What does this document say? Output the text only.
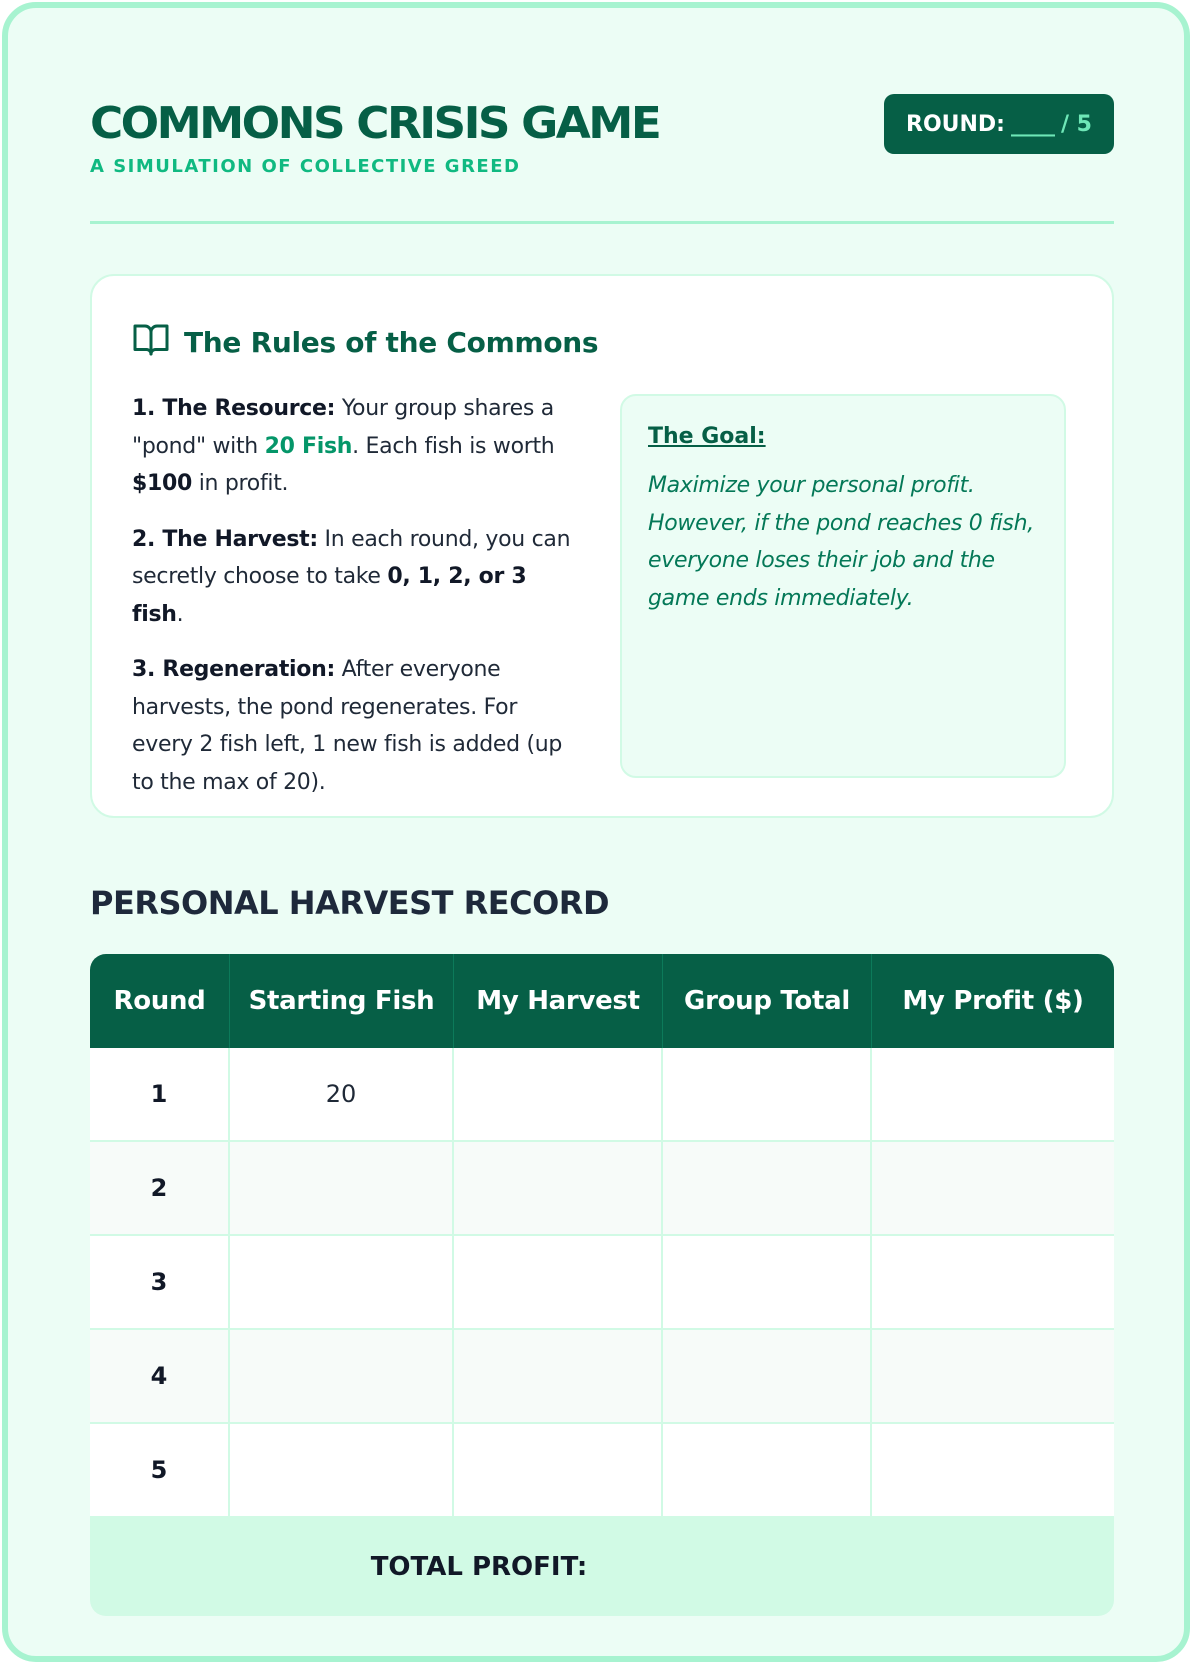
COMMONS CRISIS GAME
A SIMULATION OF COLLECTIVE GREED
ROUND: ____ / 5
The Rules of the Commons

1. The Resource: Your group shares a "pond" with 20 Fish. Each fish is worth $100 in profit.

2. The Harvest: In each round, you can secretly choose to take 0, 1, 2, or 3 fish.

3. Regeneration: After everyone harvests, the pond regenerates. For every 2 fish left, 1 new fish is added (up to the max of 20).

The Goal:

Maximize your personal profit. However, if the pond reaches 0 fish, everyone loses their job and the game ends immediately.

PERSONAL HARVEST RECORD
Round	Starting Fish	My Harvest	Group Total	My Profit ($)
1	20			
2				
3				
4				
5				
TOTAL PROFIT:				
